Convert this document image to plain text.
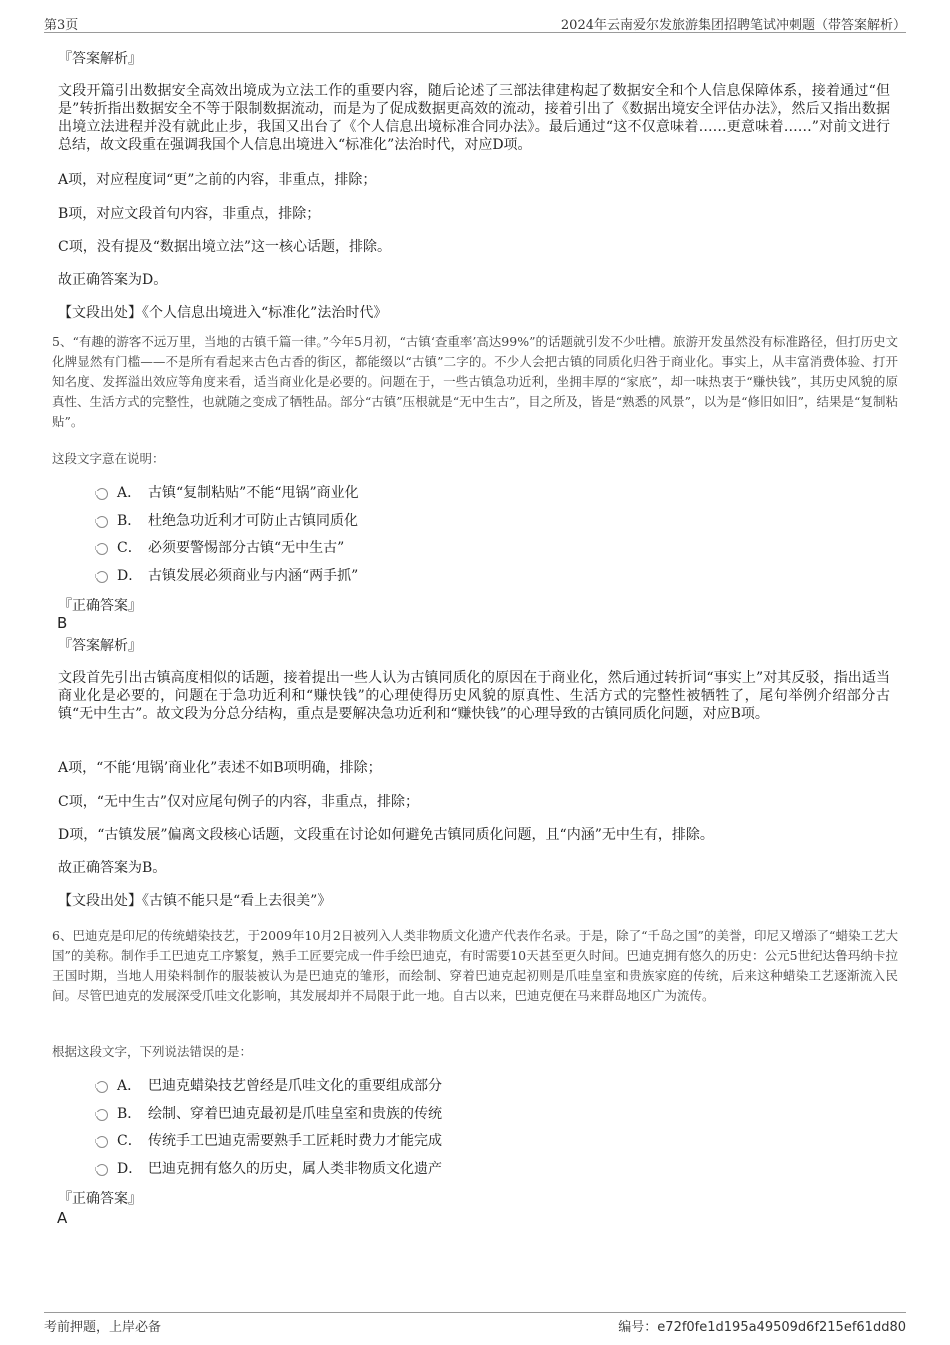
第3页	2024年云南爱尔发旅游集团招聘笔试冲刺题（带答案解析）

『答案解析』

文段开篇引出数据安全高效出境成为立法工作的重要内容，随后论述了三部法律建构起了数据安全和个人信息保障体系，接着通过“但是”转折指出数据安全不等于限制数据流动，而是为了促成数据更高效的流动，接着引出了《数据出境安全评估办法》，然后又指出数据出境立法进程并没有就此止步，我国又出台了《个人信息出境标准合同办法》。最后通过“这不仅意味着……更意味着……”对前文进行总结，故文段重在强调我国个人信息出境进入“标准化”法治时代，对应D项。

A项，对应程度词“更”之前的内容，非重点，排除；

B项，对应文段首句内容，非重点，排除；

C项，没有提及“数据出境立法”这一核心话题，排除。

故正确答案为D。

【文段出处】《个人信息出境进入“标准化”法治时代》

5、“有趣的游客不远万里，当地的古镇千篇一律。”今年5月初，“古镇‘查重率’高达99%”的话题就引发不少吐槽。旅游开发虽然没有标准路径，但打历史文化牌显然有门槛——不是所有看起来古色古香的街区，都能缀以“古镇”二字的。不少人会把古镇的同质化归咎于商业化。事实上，从丰富消费体验、打开知名度、发挥溢出效应等角度来看，适当商业化是必要的。问题在于，一些古镇急功近利，坐拥丰厚的“家底”，却一味热衷于“赚快钱”，其历史风貌的原真性、生活方式的完整性，也就随之变成了牺牲品。部分“古镇”压根就是“无中生古”，目之所及，皆是“熟悉的风景”，以为是“修旧如旧”，结果是“复制粘贴”。

这段文字意在说明：

A． 古镇“复制粘贴”不能“甩锅”商业化
B． 杜绝急功近利才可防止古镇同质化
C． 必须要警惕部分古镇“无中生古”
D． 古镇发展必须商业与内涵“两手抓”

『正确答案』

B

『答案解析』

文段首先引出古镇高度相似的话题，接着提出一些人认为古镇同质化的原因在于商业化，然后通过转折词“事实上”对其反驳，指出适当商业化是必要的，问题在于急功近利和“赚快钱”的心理使得历史风貌的原真性、生活方式的完整性被牺牲了，尾句举例介绍部分古镇“无中生古”。故文段为分总分结构，重点是要解决急功近利和“赚快钱”的心理导致的古镇同质化问题，对应B项。

A项，“不能‘甩锅’商业化”表述不如B项明确，排除；

C项，“无中生古”仅对应尾句例子的内容，非重点，排除；

D项，“古镇发展”偏离文段核心话题，文段重在讨论如何避免古镇同质化问题，且“内涵”无中生有，排除。

故正确答案为B。

【文段出处】《古镇不能只是“看上去很美”》

6、巴迪克是印尼的传统蜡染技艺，于2009年10月2日被列入人类非物质文化遗产代表作名录。于是，除了“千岛之国”的美誉，印尼又增添了“蜡染工艺大国”的美称。制作手工巴迪克工序繁复，熟手工匠要完成一件手绘巴迪克，有时需要10天甚至更久时间。巴迪克拥有悠久的历史：公元5世纪达鲁玛纳卡拉王国时期，当地人用染料制作的服装被认为是巴迪克的雏形，而绘制、穿着巴迪克起初则是爪哇皇室和贵族家庭的传统，后来这种蜡染工艺逐渐流入民间。尽管巴迪克的发展深受爪哇文化影响，其发展却并不局限于此一地。自古以来，巴迪克便在马来群岛地区广为流传。

根据这段文字，下列说法错误的是：

A． 巴迪克蜡染技艺曾经是爪哇文化的重要组成部分
B． 绘制、穿着巴迪克最初是爪哇皇室和贵族的传统
C． 传统手工巴迪克需要熟手工匠耗时费力才能完成
D． 巴迪克拥有悠久的历史，属人类非物质文化遗产

『正确答案』

A

考前押题，上岸必备	编号：e72f0fe1d195a49509d6f215ef61dd80
